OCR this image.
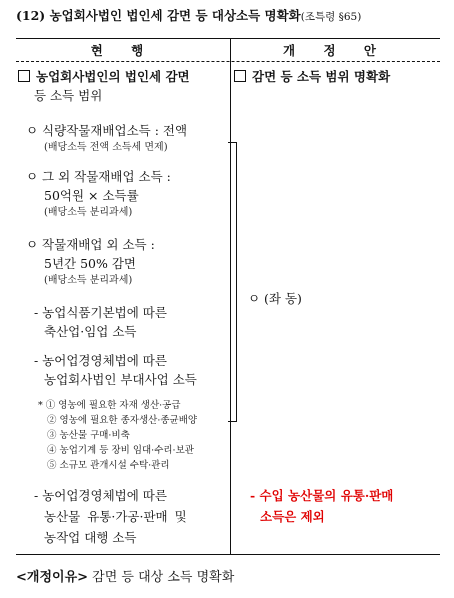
(12) 농업회사법인 법인세 감면 등 대상소득 명확화(조특령 §65)
현 행	개 정 안
농업회사법인의 법인세 감면
등 소득 범위
ㅇ 식량작물재배업소득 : 전액
(배당소득 전액 소득세 면제)
ㅇ 그 외 작물재배업 소득 :
50억원 × 소득률
(배당소득 분리과세)
ㅇ 작물재배업 외 소득 :
5년간 50% 감면
(배당소득 분리과세)
- 농업식품기본법에 따른
축산업·임업 소득
- 농어업경영체법에 따른
농업회사법인 부대사업 소득
* ① 영농에 필요한 자재 생산·공급
② 영농에 필요한 종자생산·종균배양
③ 농산물 구매·비축
④ 농업기계 등 장비 임대·수리·보관
⑤ 소규모 관개시설 수탁·관리
- 농어업경영체법에 따른
농산물 유통·가공·판매 및
농작업 대행 소득
감면 등 소득 범위 명확화
ㅇ (좌 동)
- 수입 농산물의 유통·판매
소득은 제외
<개정이유> 감면 등 대상 소득 명확화
